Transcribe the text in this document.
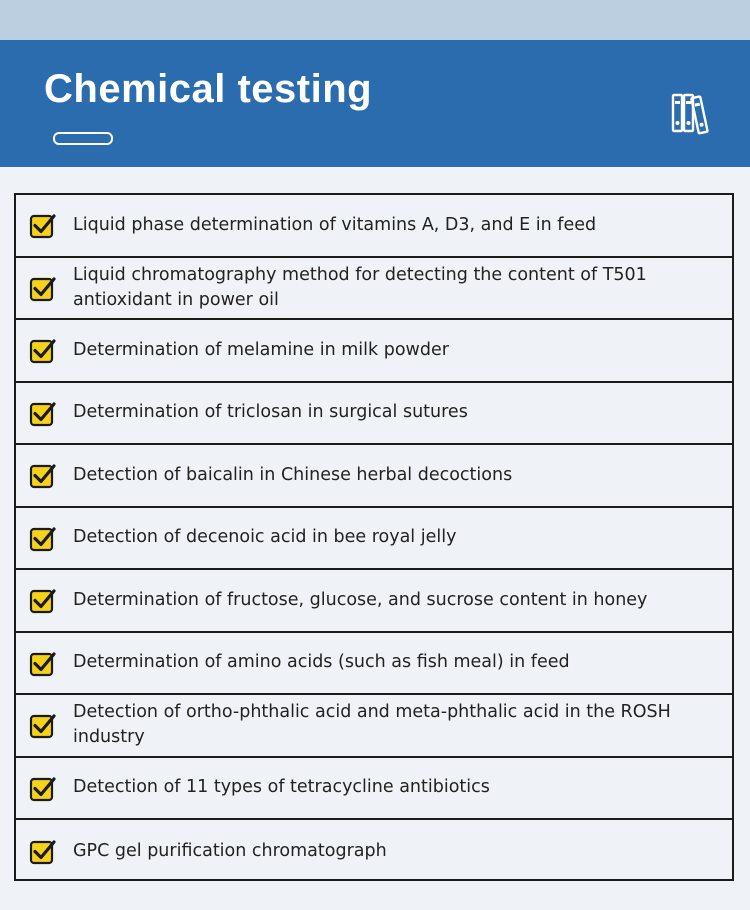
Chemical testing
Liquid phase determination of vitamins A, D3, and E in feed
Liquid chromatography method for detecting the content of T501 antioxidant in power oil
Determination of melamine in milk powder
Determination of triclosan in surgical sutures
Detection of baicalin in Chinese herbal decoctions
Detection of decenoic acid in bee royal jelly
Determination of fructose, glucose, and sucrose content in honey
Determination of amino acids (such as fish meal) in feed
Detection of ortho-phthalic acid and meta-phthalic acid in the ROSH industry
Detection of 11 types of tetracycline antibiotics
GPC gel purification chromatograph
